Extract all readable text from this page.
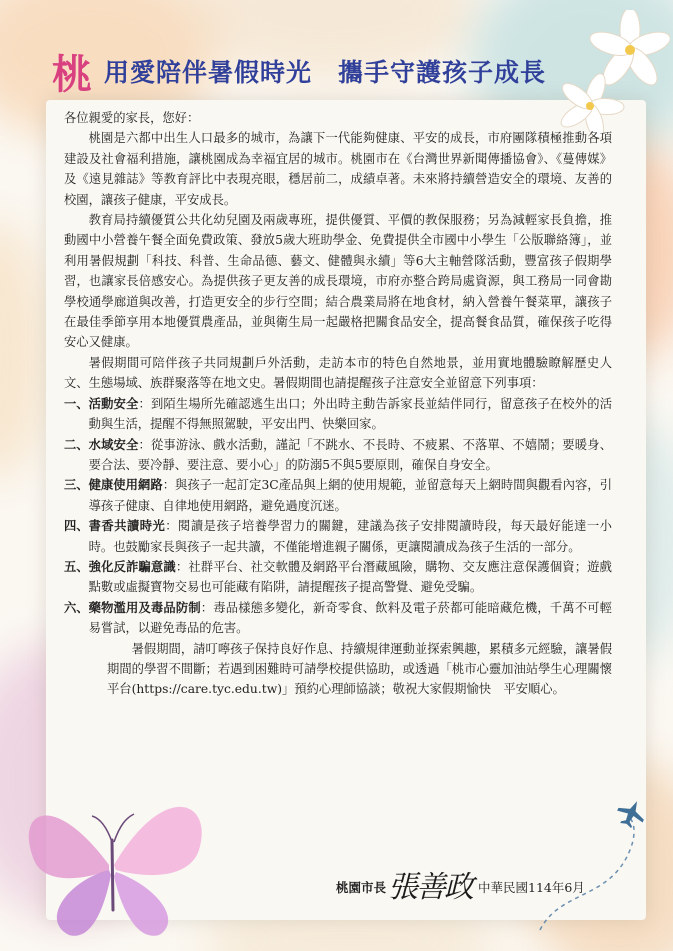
桃 用愛陪伴暑假時光　攜手守護孩子成長

各位親愛的家長，您好：

桃園是六都中出生人口最多的城市，為讓下一代能夠健康、平安的成長，市府團隊積極推動各項建設及社會福利措施，讓桃園成為幸福宜居的城市。桃園市在《台灣世界新聞傳播協會》、《蔓傳媒》及《遠見雜誌》等教育評比中表現亮眼，穩居前二，成績卓著。未來將持續營造安全的環境、友善的校園，讓孩子健康，平安成長。

教育局持續優質公共化幼兒園及兩歲專班，提供優質、平價的教保服務；另為減輕家長負擔，推動國中小營養午餐全面免費政策、發放5歲大班助學金、免費提供全市國中小學生「公版聯絡簿」，並利用暑假規劃「科技、科普、生命品德、藝文、健體與永續」等6大主軸營隊活動，豐富孩子假期學習，也讓家長倍感安心。為提供孩子更友善的成長環境，市府亦整合跨局處資源，與工務局一同會勘學校通學廊道與改善，打造更安全的步行空間；結合農業局將在地食材，納入營養午餐菜單，讓孩子在最佳季節享用本地優質農產品，並與衛生局一起嚴格把關食品安全，提高餐食品質，確保孩子吃得安心又健康。

暑假期間可陪伴孩子共同規劃戶外活動，走訪本市的特色自然地景，並用實地體驗瞭解歷史人文、生態場域、族群聚落等在地文史。暑假期間也請提醒孩子注意安全並留意下列事項：

一、 活動安全：到陌生場所先確認逃生出口；外出時主動告訴家長並結伴同行，留意孩子在校外的活動與生活，提醒不得無照駕駛，平安出門、快樂回家。
二、 水域安全：從事游泳、戲水活動，謹記「不跳水、不長時、不疲累、不落單、不嬉鬧；要暖身、要合法、要冷靜、要注意、要小心」的防溺5不與5要原則，確保自身安全。
三、 健康使用網路：與孩子一起訂定3C產品與上網的使用規範，並留意每天上網時間與觀看內容，引導孩子健康、自律地使用網路，避免過度沉迷。
四、 書香共讀時光：閱讀是孩子培養學習力的關鍵，建議為孩子安排閱讀時段，每天最好能達一小時。也鼓勵家長與孩子一起共讀，不僅能增進親子關係，更讓閱讀成為孩子生活的一部分。
五、 強化反詐騙意識：社群平台、社交軟體及網路平台潛藏風險，購物、交友應注意保護個資；遊戲點數或虛擬寶物交易也可能藏有陷阱，請提醒孩子提高警覺、避免受騙。
六、 藥物濫用及毒品防制：毒品樣態多變化，新奇零食、飲料及電子菸都可能暗藏危機，千萬不可輕易嘗試，以避免毒品的危害。

暑假期間，請叮嚀孩子保持良好作息、持續規律運動並探索興趣，累積多元經驗，讓暑假期間的學習不間斷；若遇到困難時可請學校提供協助，或透過「桃市心靈加油站學生心理關懷平台(https://care.tyc.edu.tw)」預約心理師協談；敬祝大家假期愉快　平安順心。

桃園市長 張善政 中華民國114年6月
